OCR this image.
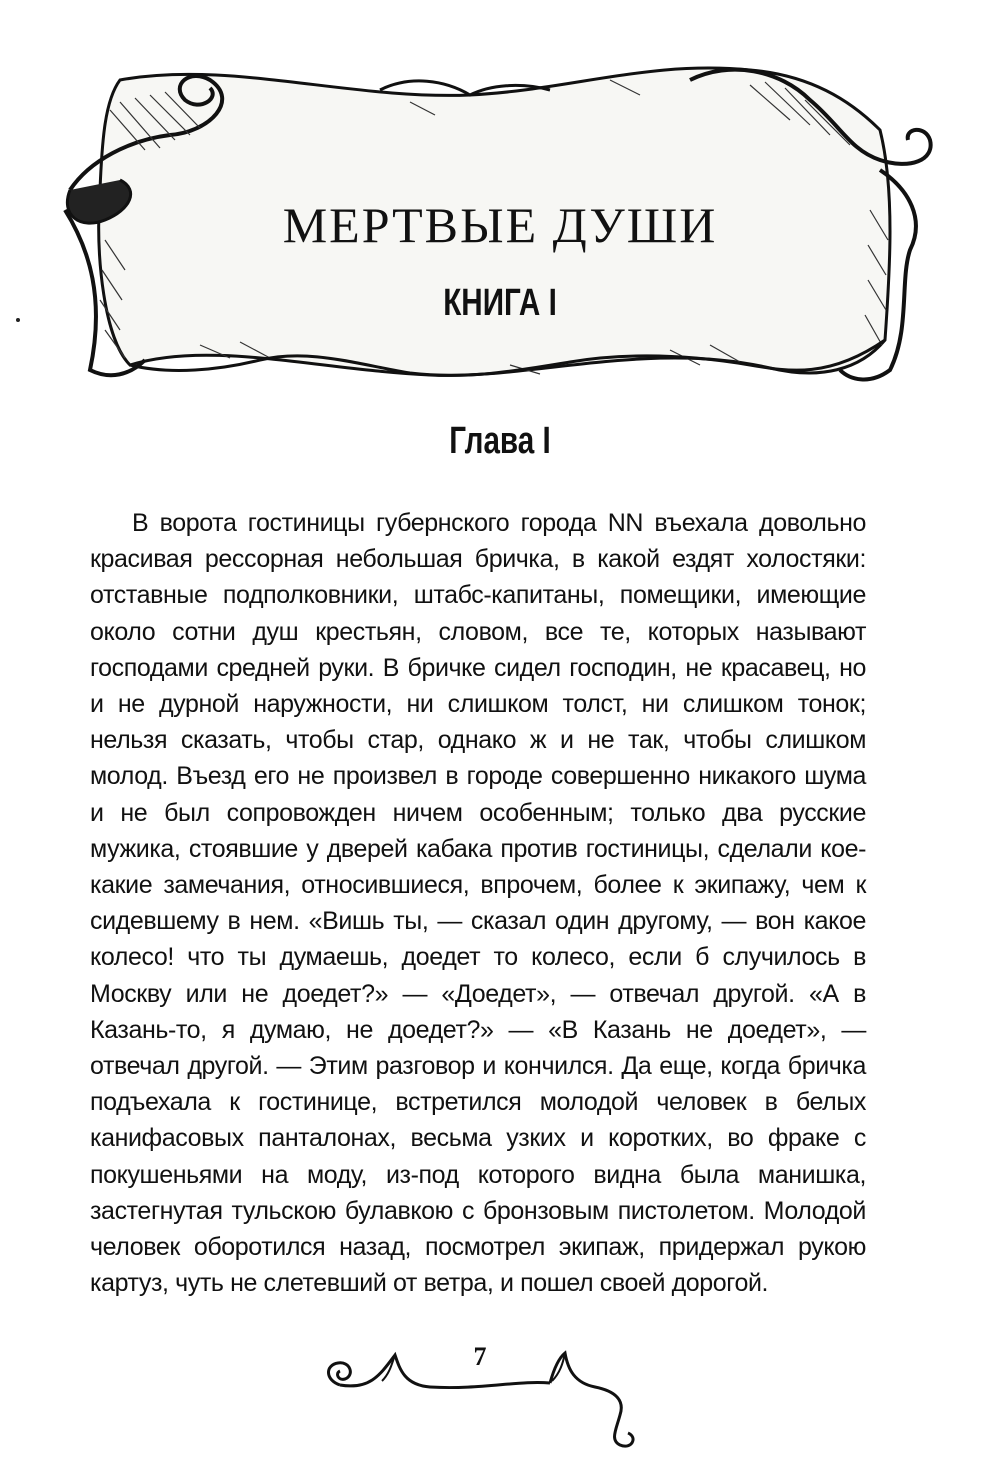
МЕРТВЫЕ ДУШИ
КНИГА I
Глава I

В ворота гостиницы губернского города NN въехала довольно красивая рессорная небольшая бричка, в какой ездят холостяки: отставные подполковники, штабс-капитаны, помещики, имеющие около сотни душ крестьян, словом, все те, которых называют господами средней руки. В бричке сидел господин, не красавец, но и не дурной наружности, ни слишком толст, ни слишком тонок; нельзя сказать, чтобы стар, однако ж и не так, чтобы слишком молод. Въезд его не произвел в городе совершенно никакого шума и не был сопровожден ничем особенным; только два русские мужика, стоявшие у дверей кабака против гостиницы, сделали кое-какие замечания, относившиеся, впрочем, более к экипажу, чем к сидевшему в нем. «Вишь ты, — сказал один другому, — вон какое колесо! что ты думаешь, доедет то колесо, если б случилось в Москву или не доедет?» — «Доедет», — отвечал другой. «А в Казань-то, я думаю, не доедет?» — «В Казань не доедет», — отвечал другой. — Этим разговор и кончился. Да еще, когда бричка подъехала к гостинице, встретился молодой человек в белых канифасовых панталонах, весьма узких и коротких, во фраке с покушеньями на моду, из-под которого видна была манишка, застегнутая тульскою булавкою с бронзовым пистолетом. Молодой человек оборотился назад, посмотрел экипаж, придержал рукою картуз, чуть не слетевший от ветра, и пошел своей дорогой.

7
